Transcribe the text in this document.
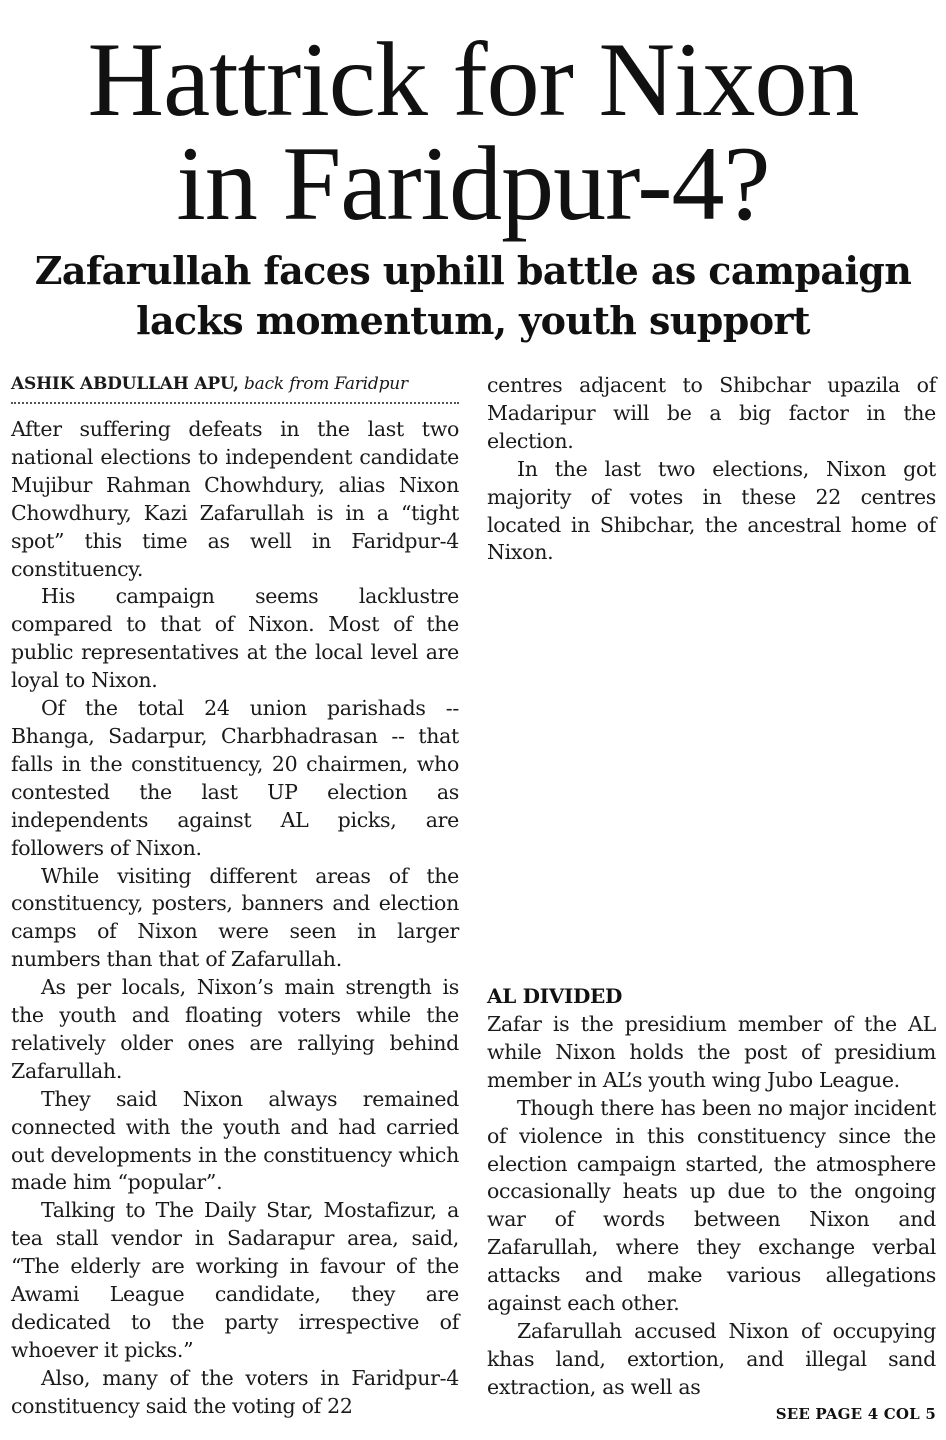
Hattrick for Nixon
in Faridpur-4?
Zafarullah faces uphill battle as campaign
lacks momentum, youth support
ASHIK ABDULLAH APU, back from Faridpur

After suffering defeats in the last two national elections to independent candidate Mujibur Rahman Chowhdury, alias Nixon Chowdhury, Kazi Zafarullah is in a “tight spot” this time as well in Faridpur-4 constituency.

His campaign seems lacklustre compared to that of Nixon. Most of the public representatives at the local level are loyal to Nixon.

Of the total 24 union parishads -- Bhanga, Sadarpur, Charbhadrasan -- that falls in the constituency, 20 chairmen, who contested the last UP election as independents against AL picks, are followers of Nixon.

While visiting different areas of the constituency, posters, banners and election camps of Nixon were seen in larger numbers than that of Zafarullah.

As per locals, Nixon’s main strength is the youth and floating voters while the relatively older ones are rallying behind Zafarullah.

They said Nixon always remained connected with the youth and had carried out developments in the constituency which made him “popular”.

Talking to The Daily Star, Mostafizur, a tea stall vendor in Sadarapur area, said, “The elderly are working in favour of the Awami League candidate, they are dedicated to the party irrespective of whoever it picks.”

Also, many of the voters in Faridpur-4 constituency said the voting of 22

centres adjacent to Shibchar upazila of Madaripur will be a big factor in the election.

In the last two elections, Nixon got majority of votes in these 22 centres located in Shibchar, the ancestral home of Nixon.

AL DIVIDED

Zafar is the presidium member of the AL while Nixon holds the post of presidium member in AL’s youth wing Jubo League.

Though there has been no major incident of violence in this constituency since the election campaign started, the atmosphere occasionally heats up due to the ongoing war of words between Nixon and Zafarullah, where they exchange verbal attacks and make various allegations against each other.

Zafarullah accused Nixon of occupying khas land, extortion, and illegal sand extraction, as well as

SEE PAGE 4 COL 5
